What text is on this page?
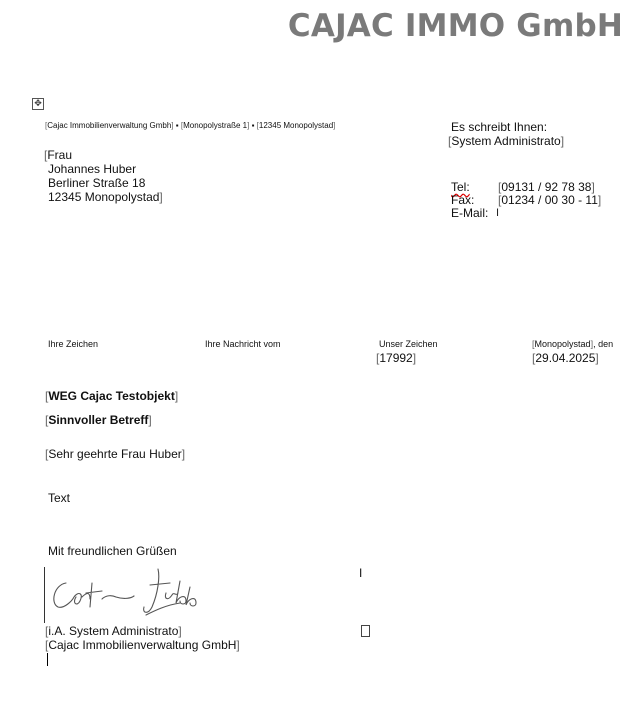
CAJAC IMMO GmbH
✥
[Cajac Immobilienverwaltung Gmbh] ▪ [Monopolystraße 1] ▪ [12345 Monopolystad]
[Frau
Johannes Huber
Berliner Straße 18
12345 Monopolystad]
Es schreibt Ihnen:
[System Administrato]
Tel: [09131 / 92 78 38]
Fax: [01234 / 00 30 - 11]
E-Mail: I
Ihre Zeichen	Ihre Nachricht vom	Unser Zeichen
[17992]
[Monopolystad], den
[29.04.2025]
[WEG Cajac Testobjekt]
[Sinnvoller Betreff]
[Sehr geehrte Frau Huber]
Text
Mit freundlichen Grüßen
I
[i.A. System Administrato]
[Cajac Immobilienverwaltung GmbH]
